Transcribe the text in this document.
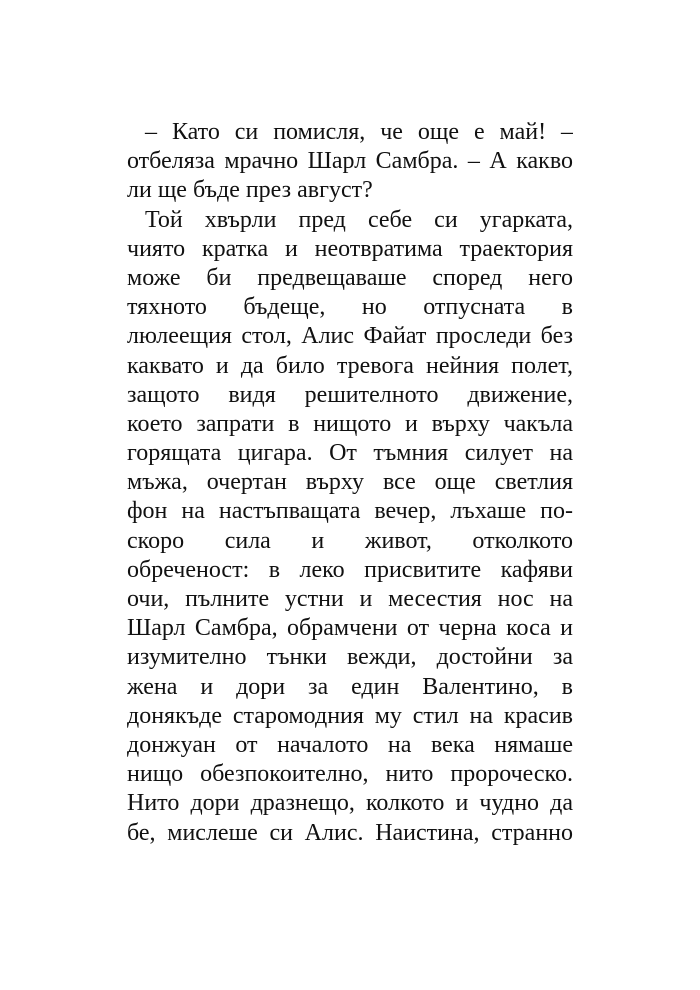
– Като си помисля, че още е май! –
отбеляза мрачно Шарл Самбра. – А какво
ли ще бъде през август?
Той хвърли пред себе си угарката,
чиято кратка и неотвратима траектория
може би предвещаваше според него
тяхното бъдеще, но отпусната в
люлеещия стол, Алис Файат проследи без
каквато и да било тревога нейния полет,
защото видя решителното движение,
което запрати в нищото и върху чакъла
горящата цигара. От тъмния силует на
мъжа, очертан върху все още светлия
фон на настъпващата вечер, лъхаше по-
скоро сила и живот, отколкото
обреченост: в леко присвитите кафяви
очи, пълните устни и месестия нос на
Шарл Самбра, обрамчени от черна коса и
изумително тънки вежди, достойни за
жена и дори за един Валентино, в
донякъде старомодния му стил на красив
донжуан от началото на века нямаше
нищо обезпокоително, нито пророческо.
Нито дори дразнещо, колкото и чудно да
бе, мислеше си Алис. Наистина, странно
